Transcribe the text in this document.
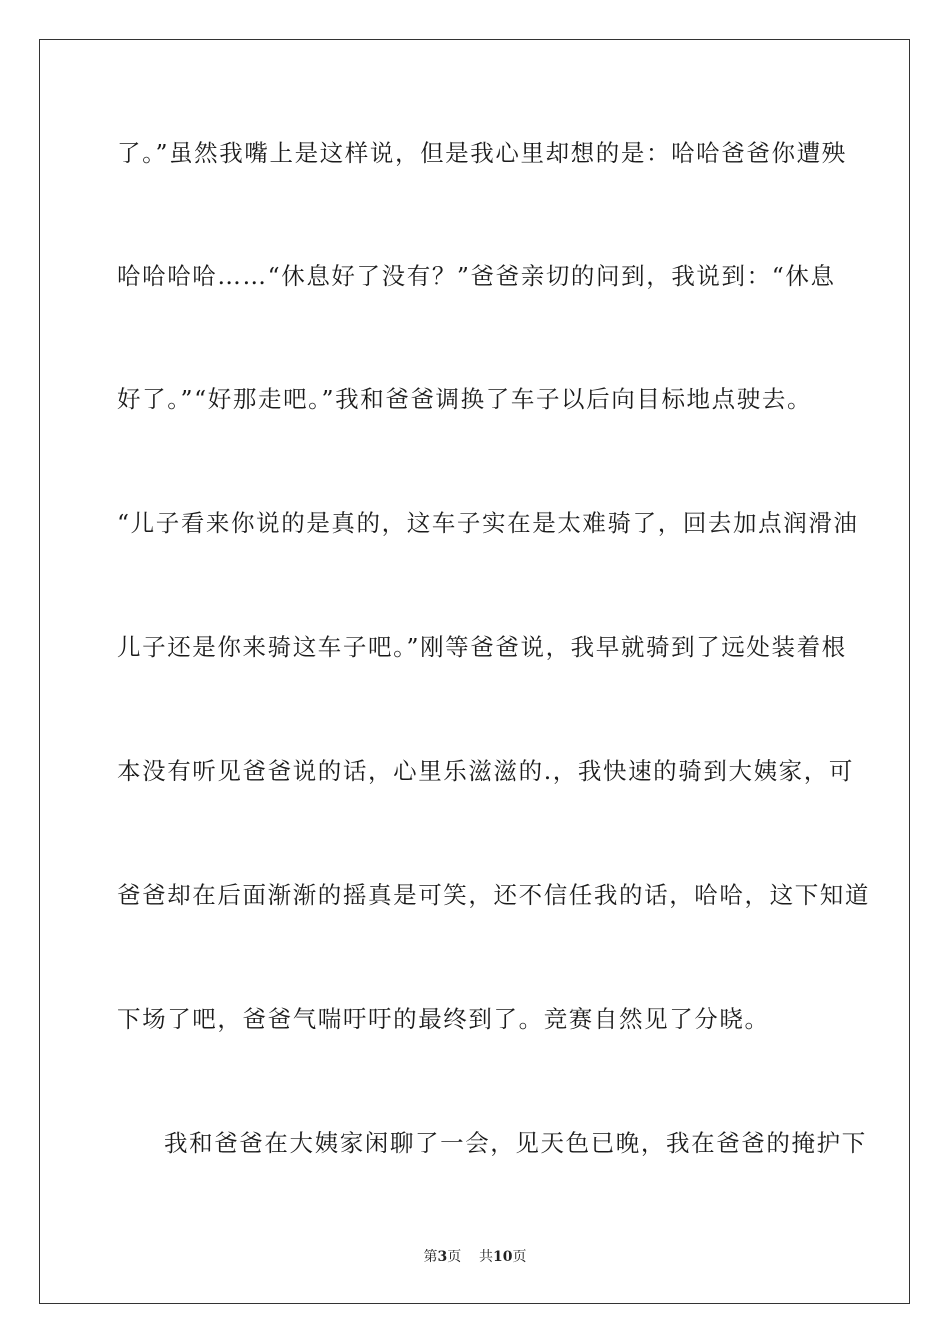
了。”虽然我嘴上是这样说，但是我心里却想的是：哈哈爸爸你遭殃
哈哈哈哈……“休息好了没有？”爸爸亲切的问到，我说到：“休息
好了。”“好那走吧。”我和爸爸调换了车子以后向目标地点驶去。
“儿子看来你说的是真的，这车子实在是太难骑了，回去加点润滑油
儿子还是你来骑这车子吧。”刚等爸爸说，我早就骑到了远处装着根
本没有听见爸爸说的话，心里乐滋滋的.，我快速的骑到大姨家，可
爸爸却在后面渐渐的摇真是可笑，还不信任我的话，哈哈，这下知道
下场了吧，爸爸气喘吁吁的最终到了。竞赛自然见了分晓。
我和爸爸在大姨家闲聊了一会，见天色已晚，我在爸爸的掩护下
第3页 共10页
